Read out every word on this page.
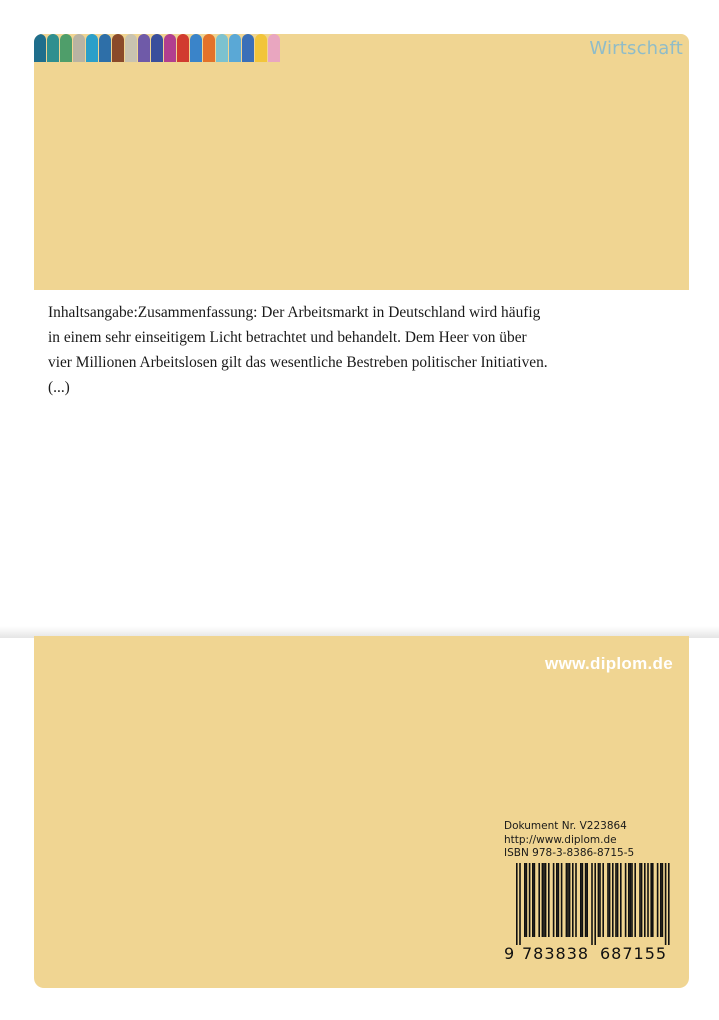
Wirtschaft
Inhaltsangabe:Zusammenfassung: Der Arbeitsmarkt in Deutschland wird häufig
in einem sehr einseitigem Licht betrachtet und behandelt. Dem Heer von über
vier Millionen Arbeitslosen gilt das wesentliche Bestreben politischer Initiativen.
(...)
www.diplom.de
Dokument Nr. V223864
http://www.diplom.de
ISBN 978-3-8386-8715-5
9 783838 687155
